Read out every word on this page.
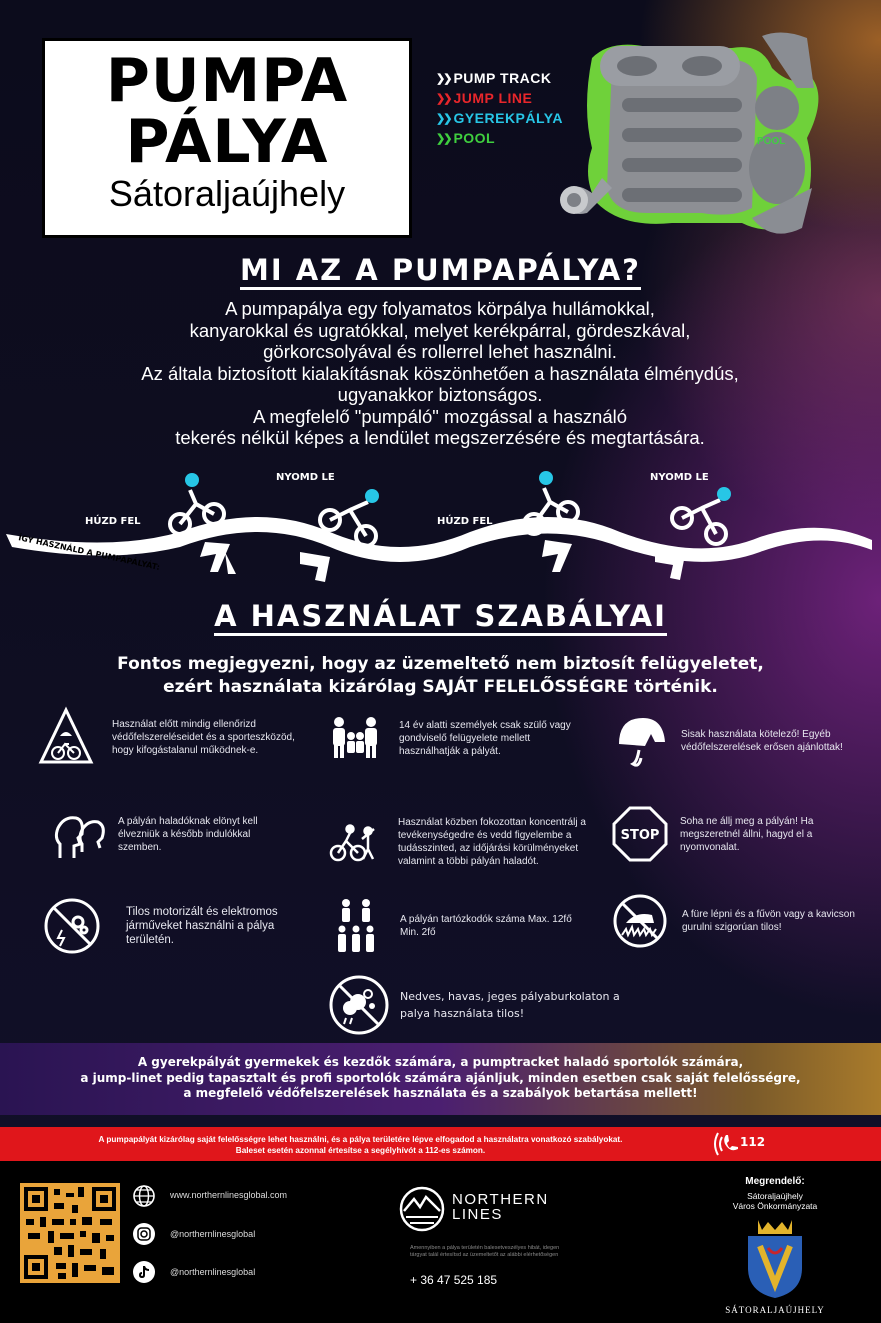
PUMPA
PÁLYA
Sátoraljaújhely
❯❯ PUMP TRACK
❯❯ JUMP LINE
❯❯ GYEREKPÁLYA
❯❯ POOL	POOL
MI AZ A PUMPAPÁLYA?
A pumpapálya egy folyamatos körpálya hullámokkal,
kanyarokkal és ugratókkal, melyet kerékpárral, gördeszkával,
görkorcsolyával és rollerrel lehet használni.
Az általa biztosított kialakításnak köszönhetően a használata élménydús,
ugyanakkor biztonságos.
A megfelelő "pumpáló" mozgással a használó
tekerés nélkül képes a lendület megszerzésére és megtartására.
ÍGY HASZNÁLD A PUMPAPÁLYÁT:
HÚZD FEL
NYOMD LE
HÚZD FEL
NYOMD LE
A HASZNÁLAT SZABÁLYAI
Fontos megjegyezni, hogy az üzemeltető nem biztosít felügyeletet,
ezért használata kizárólag SAJÁT FELELŐSSÉGRE történik.
Használat előtt mindig ellenőrizd védőfelszereléseidet és a sporteszközöd, hogy kifogástalanul működnek-e.
14 év alatti személyek csak szülő vagy gondviselő felügyelete mellett használhatják a pályát.
Sisak használata kötelező! Egyéb védőfelszerelések erősen ajánlottak!
A pályán haladóknak elönyt kell élvezniük a később indulókkal szemben.
Használat közben fokozottan koncentrálj a tevékenységedre és vedd figyelembe a tudásszinted, az időjárási körülményeket valamint a többi pályán haladót.
STOP
Soha ne állj meg a pályán! Ha megszeretnél állni, hagyd el a nyomvonalat.
Tilos motorizált és elektromos járműveket használni a pálya területén.
A pályán tartózkodók száma Max. 12fő Min. 2fő
A füre lépni és a fűvön vagy a kavicson gurulni szigorúan tilos!
Nedves, havas, jeges pályaburkolaton a palya használata tilos!
A gyerekpályát gyermekek és kezdők számára, a pumptracket haladó sportolók számára,
a jump-linet pedig tapasztalt és profi sportolók számára ajánljuk, minden esetben csak saját felelősségre,
a megfelelő védőfelszerelések használata és a szabályok betartása mellett!
A pumpapályát kizárólag saját felelősségre lehet használni, és a pálya területére lépve elfogadod a használatra vonatkozó szabályokat.
Baleset esetén azonnal értesítse a segélyhívót a 112-es számon.
112
www.northernlinesglobal.com
@northernlinesglobal
@northernlinesglobal
NORTHERN
LINES
Amennyiben a pálya területén balesetveszélyes hibát, idegen tárgyat talál értesítsd az üzemeltetőt az alábbi elérhetőségen
+ 36 47 525 185
Megrendelő:
Sátoraljaújhely
Város Önkormányzata
SÁTORALJAÚJHELY
